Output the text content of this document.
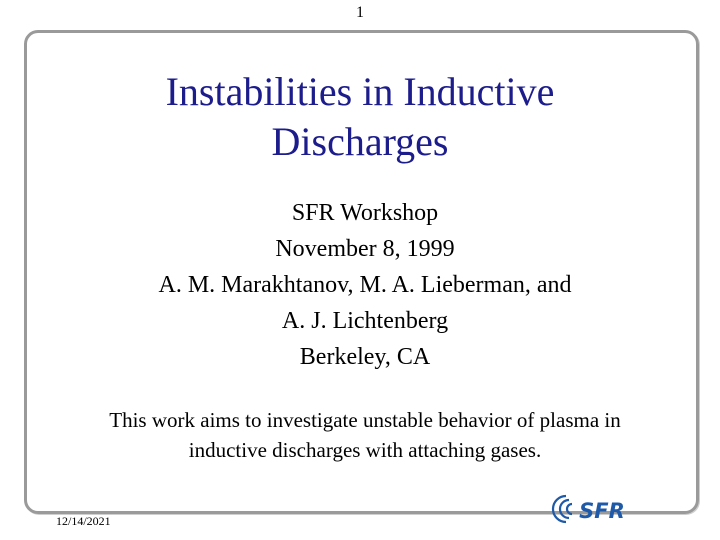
1
Instabilities in Inductive
Discharges
SFR Workshop
November 8, 1999
A. M. Marakhtanov, M. A. Lieberman, and
A. J. Lichtenberg
Berkeley, CA
This work aims to investigate unstable behavior of plasma in
inductive discharges with attaching gases.
12/14/2021	SFR
